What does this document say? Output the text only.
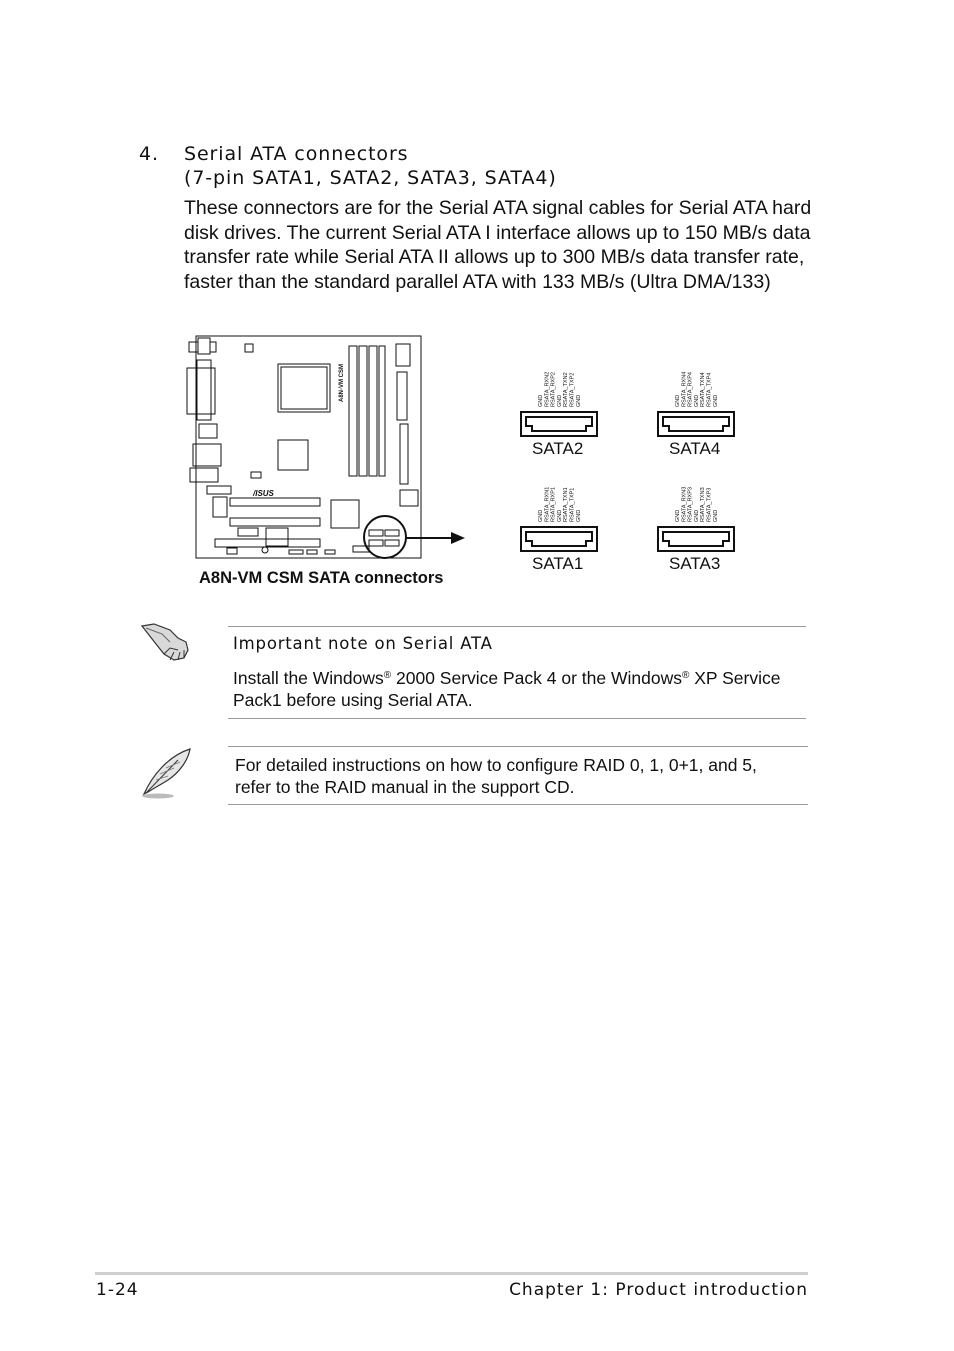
4. Serial ATA connectors
(7-pin SATA1, SATA2, SATA3, SATA4)
These connectors are for the Serial ATA signal cables for Serial ATA hard disk drives. The current Serial ATA I interface allows up to 150 MB/s data transfer rate while Serial ATA II allows up to 300 MB/s data transfer rate, faster than the standard parallel ATA with 133 MB/s (Ultra DMA/133)
A8N-VM CSM
/ISUS
A8N-VM CSM SATA connectors
GND RSATA_RXN2 RSATA_RXP2 GND RSATA_TXN2 RSATA_TXP2 GND
SATA2
GND RSATA_RXN4 RSATA_RXP4 GND RSATA_TXN4 RSATA_TXP4 GND
SATA4
GND RSATA_RXN1 RSATA_RXP1 GND RSATA_TXN1 RSATA_TXP1 GND
SATA1
GND RSATA_RXN3 RSATA_RXP3 GND RSATA_TXN3 RSATA_TXP3 GND
SATA3
Important note on Serial ATA
Install the Windows® 2000 Service Pack 4 or the Windows® XP Service Pack1 before using Serial ATA.
For detailed instructions on how to configure RAID 0, 1, 0+1, and 5, refer to the RAID manual in the support CD.
1-24	Chapter 1: Product introduction
